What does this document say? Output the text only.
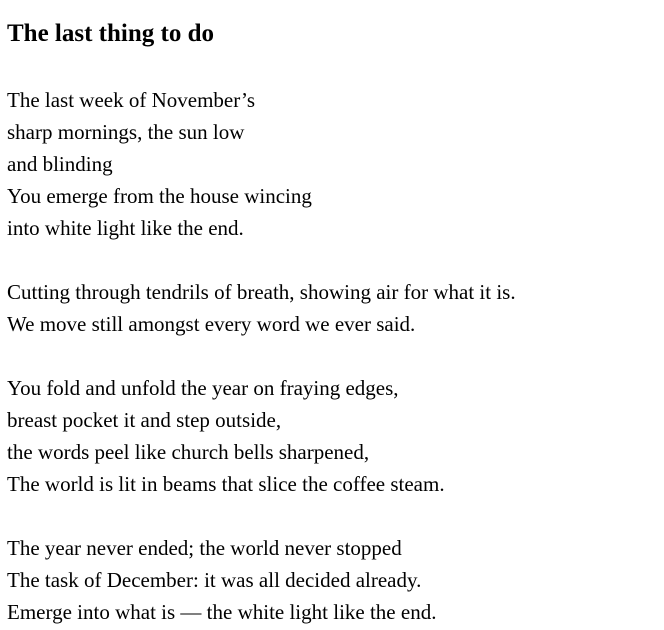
The last thing to do
The last week of November’s
sharp mornings, the sun low
and blinding
You emerge from the house wincing
into white light like the end.
Cutting through tendrils of breath, showing air for what it is.
We move still amongst every word we ever said.
You fold and unfold the year on fraying edges,
breast pocket it and step outside,
the words peel like church bells sharpened,
The world is lit in beams that slice the coffee steam.
The year never ended; the world never stopped
The task of December: it was all decided already.
Emerge into what is — the white light like the end.
